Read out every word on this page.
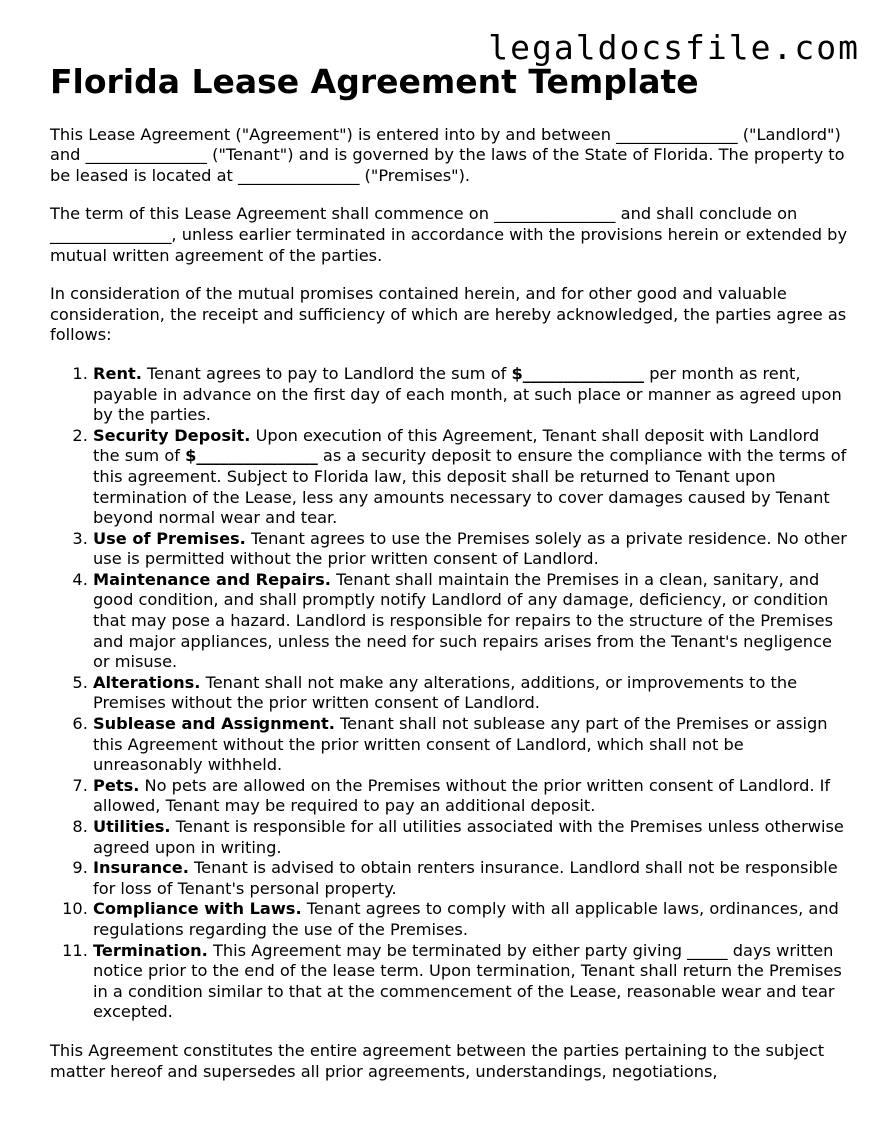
legaldocsfile.com
Florida Lease Agreement Template

This Lease Agreement ("Agreement") is entered into by and between _______________ ("Landlord") and _______________ ("Tenant") and is governed by the laws of the State of Florida. The property to be leased is located at _______________ ("Premises").

The term of this Lease Agreement shall commence on _______________ and shall conclude on _______________, unless earlier terminated in accordance with the provisions herein or extended by mutual written agreement of the parties.

In consideration of the mutual promises contained herein, and for other good and valuable consideration, the receipt and sufficiency of which are hereby acknowledged, the parties agree as follows:

1. Rent. Tenant agrees to pay to Landlord the sum of $_______________ per month as rent, payable in advance on the first day of each month, at such place or manner as agreed upon by the parties.
2. Security Deposit. Upon execution of this Agreement, Tenant shall deposit with Landlord the sum of $_______________ as a security deposit to ensure the compliance with the terms of this agreement. Subject to Florida law, this deposit shall be returned to Tenant upon termination of the Lease, less any amounts necessary to cover damages caused by Tenant beyond normal wear and tear.
3. Use of Premises. Tenant agrees to use the Premises solely as a private residence. No other use is permitted without the prior written consent of Landlord.
4. Maintenance and Repairs. Tenant shall maintain the Premises in a clean, sanitary, and good condition, and shall promptly notify Landlord of any damage, deficiency, or condition that may pose a hazard. Landlord is responsible for repairs to the structure of the Premises and major appliances, unless the need for such repairs arises from the Tenant's negligence or misuse.
5. Alterations. Tenant shall not make any alterations, additions, or improvements to the Premises without the prior written consent of Landlord.
6. Sublease and Assignment. Tenant shall not sublease any part of the Premises or assign this Agreement without the prior written consent of Landlord, which shall not be unreasonably withheld.
7. Pets. No pets are allowed on the Premises without the prior written consent of Landlord. If allowed, Tenant may be required to pay an additional deposit.
8. Utilities. Tenant is responsible for all utilities associated with the Premises unless otherwise agreed upon in writing.
9. Insurance. Tenant is advised to obtain renters insurance. Landlord shall not be responsible for loss of Tenant's personal property.
10. Compliance with Laws. Tenant agrees to comply with all applicable laws, ordinances, and regulations regarding the use of the Premises.
11. Termination. This Agreement may be terminated by either party giving _____ days written notice prior to the end of the lease term. Upon termination, Tenant shall return the Premises in a condition similar to that at the commencement of the Lease, reasonable wear and tear excepted.

This Agreement constitutes the entire agreement between the parties pertaining to the subject matter hereof and supersedes all prior agreements, understandings, negotiations,
